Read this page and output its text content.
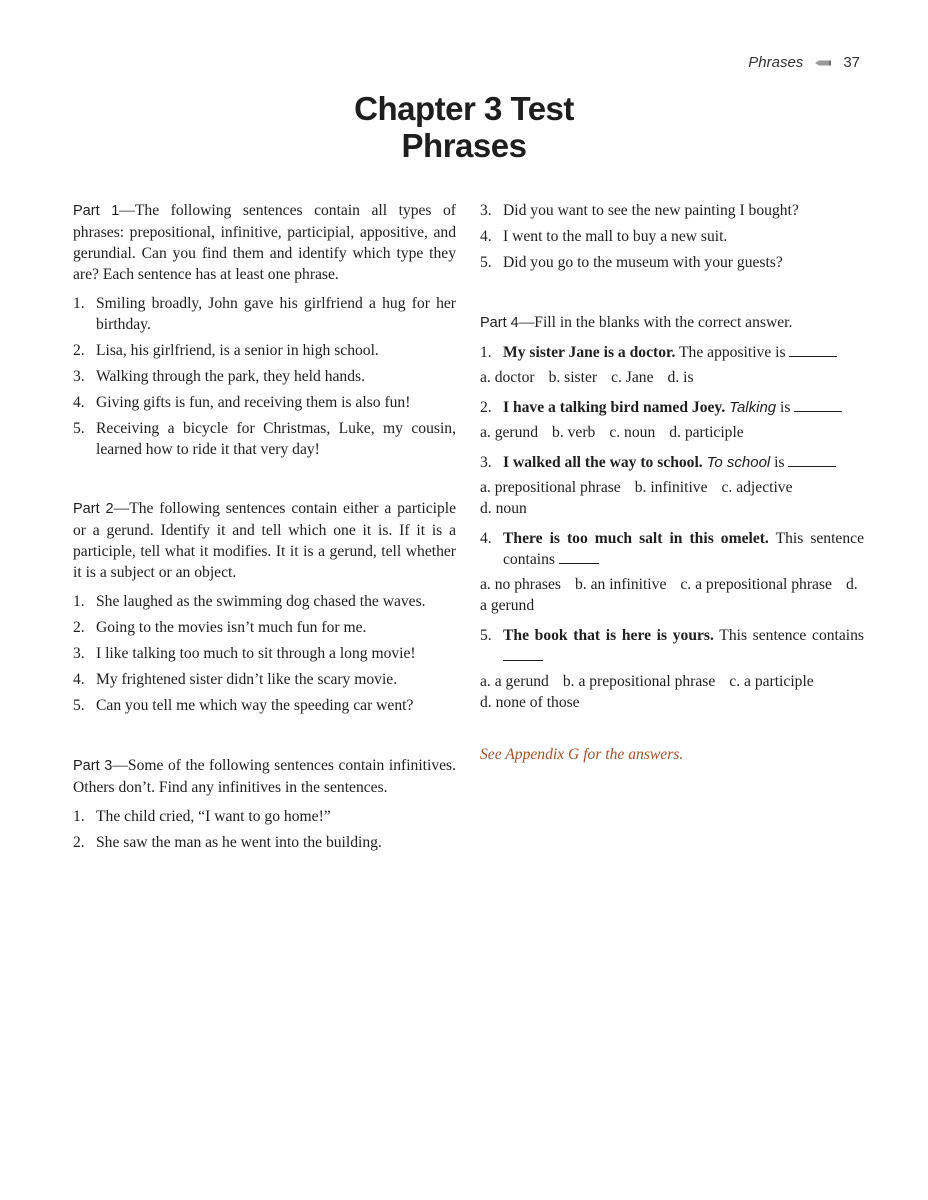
Phrases	37
Chapter 3 Test
Phrases

Part 1—The following sentences contain all types of phrases: prepositional, infinitive, participial, appositive, and gerundial. Can you find them and identify which type they are? Each sentence has at least one phrase.

1. Smiling broadly, John gave his girlfriend a hug for her birthday.
2. Lisa, his girlfriend, is a senior in high school.
3. Walking through the park, they held hands.
4. Giving gifts is fun, and receiving them is also fun!
5. Receiving a bicycle for Christmas, Luke, my cousin, learned how to ride it that very day!

Part 2—The following sentences contain either a participle or a gerund. Identify it and tell which one it is. If it is a participle, tell what it modifies. It it is a gerund, tell whether it is a subject or an object.

1. She laughed as the swimming dog chased the waves.
2. Going to the movies isn’t much fun for me.
3. I like talking too much to sit through a long movie!
4. My frightened sister didn’t like the scary movie.
5. Can you tell me which way the speeding car went?

Part 3—Some of the following sentences contain infinitives. Others don’t. Find any infinitives in the sentences.

1. The child cried, “I want to go home!”
2. She saw the man as he went into the building.
3. Did you want to see the new painting I bought?
4. I went to the mall to buy a new suit.
5. Did you go to the museum with your guests?

Part 4—Fill in the blanks with the correct answer.

1. My sister Jane is a doctor. The appositive is
a. doctor b. sister c. Jane d. is
2. I have a talking bird named Joey. Talking is
a. gerund b. verb c. noun d. participle
3. I walked all the way to school. To school is
a. prepositional phrase b. infinitive c. adjective
d. noun
4. There is too much salt in this omelet. This sentence contains
a. no phrases b. an infinitive c. a prepositional phrase d. a gerund
5. The book that is here is yours. This sentence contains
a. a gerund b. a prepositional phrase c. a participle
d. none of those
See Appendix G for the answers.
